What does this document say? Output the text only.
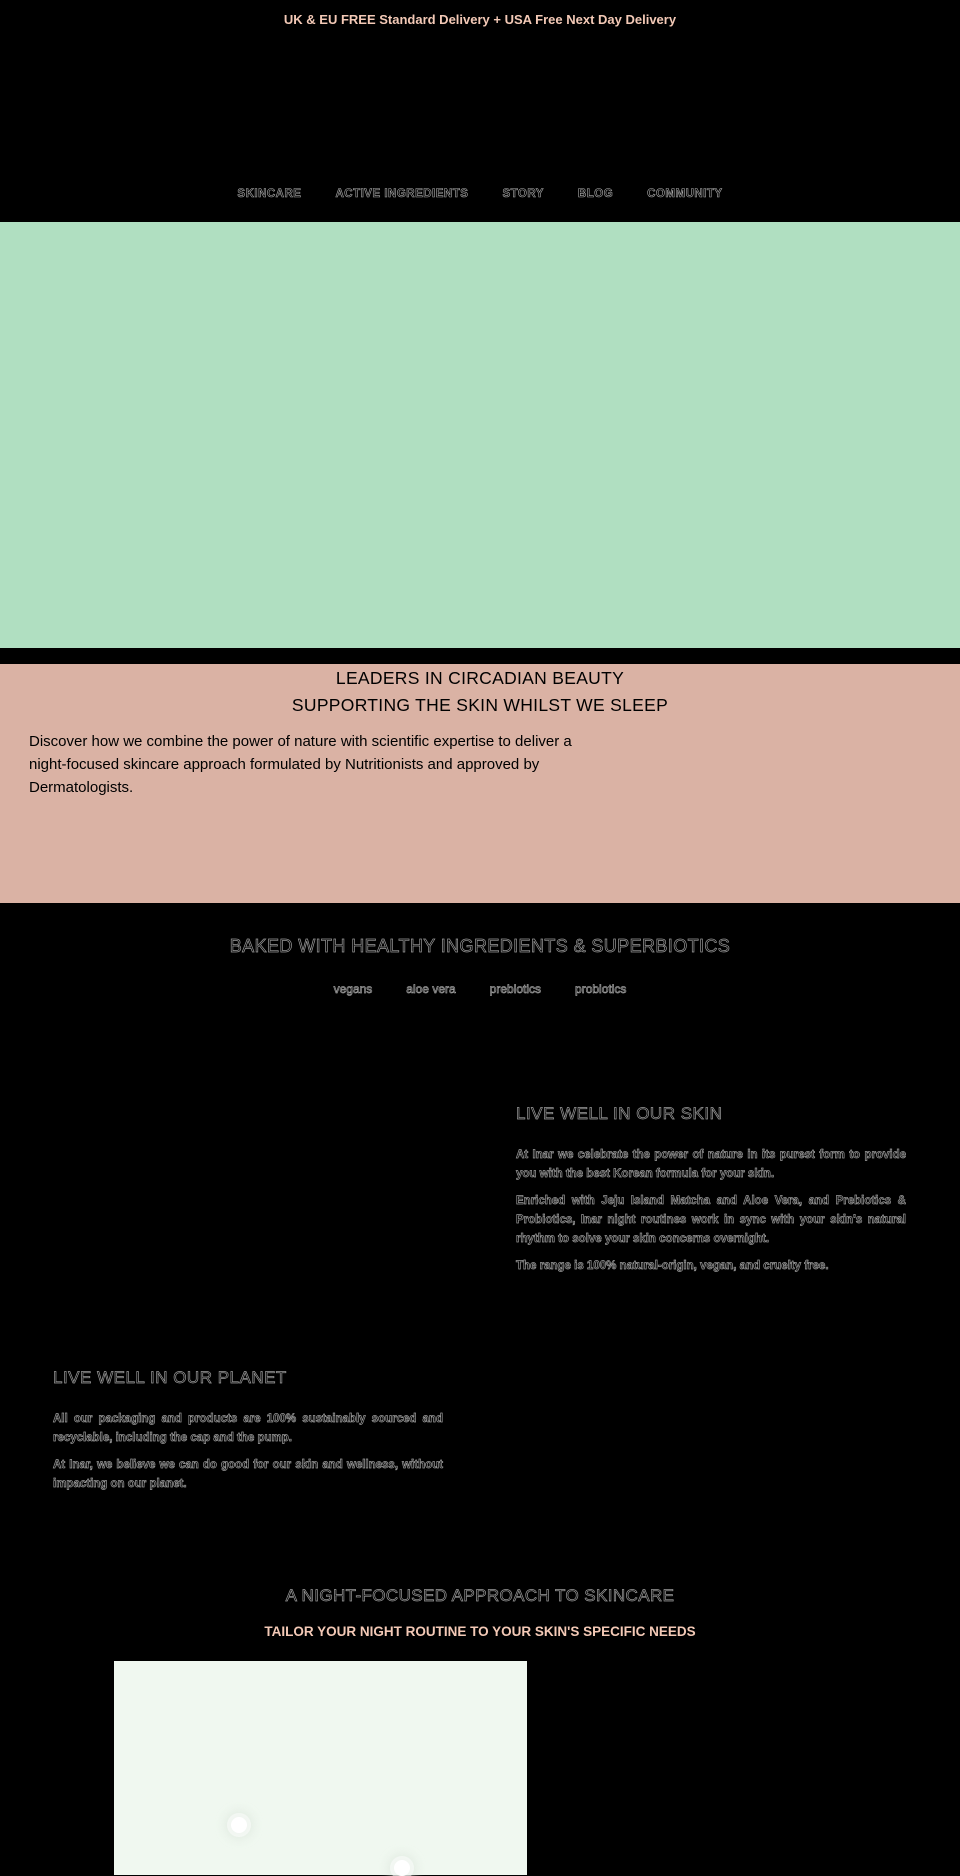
UK & EU FREE Standard Delivery + USA Free Next Day Delivery
SKINCARE	ACTIVE INGREDIENTS	STORY	BLOG	COMMUNITY
LEADERS IN CIRCADIAN BEAUTY
SUPPORTING THE SKIN WHILST WE SLEEP

Discover how we combine the power of nature with scientific expertise to deliver a night-focused skincare approach formulated by Nutritionists and approved by Dermatologists.

BAKED WITH HEALTHY INGREDIENTS & SUPERBIOTICS
vegans	aloe vera	prebiotics	probiotics
LIVE WELL IN OUR SKIN

At Inar we celebrate the power of nature in its purest form to provide you with the best Korean formula for your skin.

Enriched with Jeju Island Matcha and Aloe Vera, and Prebiotics & Probiotics, Inar night routines work in sync with your skin's natural rhythm to solve your skin concerns overnight.

The range is 100% natural-origin, vegan, and cruelty free.

LIVE WELL IN OUR PLANET

All our packaging and products are 100% sustainably sourced and recyclable, including the cap and the pump.

At Inar, we believe we can do good for our skin and wellness, without impacting on our planet.

A NIGHT-FOCUSED APPROACH TO SKINCARE
TAILOR YOUR NIGHT ROUTINE TO YOUR SKIN'S SPECIFIC NEEDS
